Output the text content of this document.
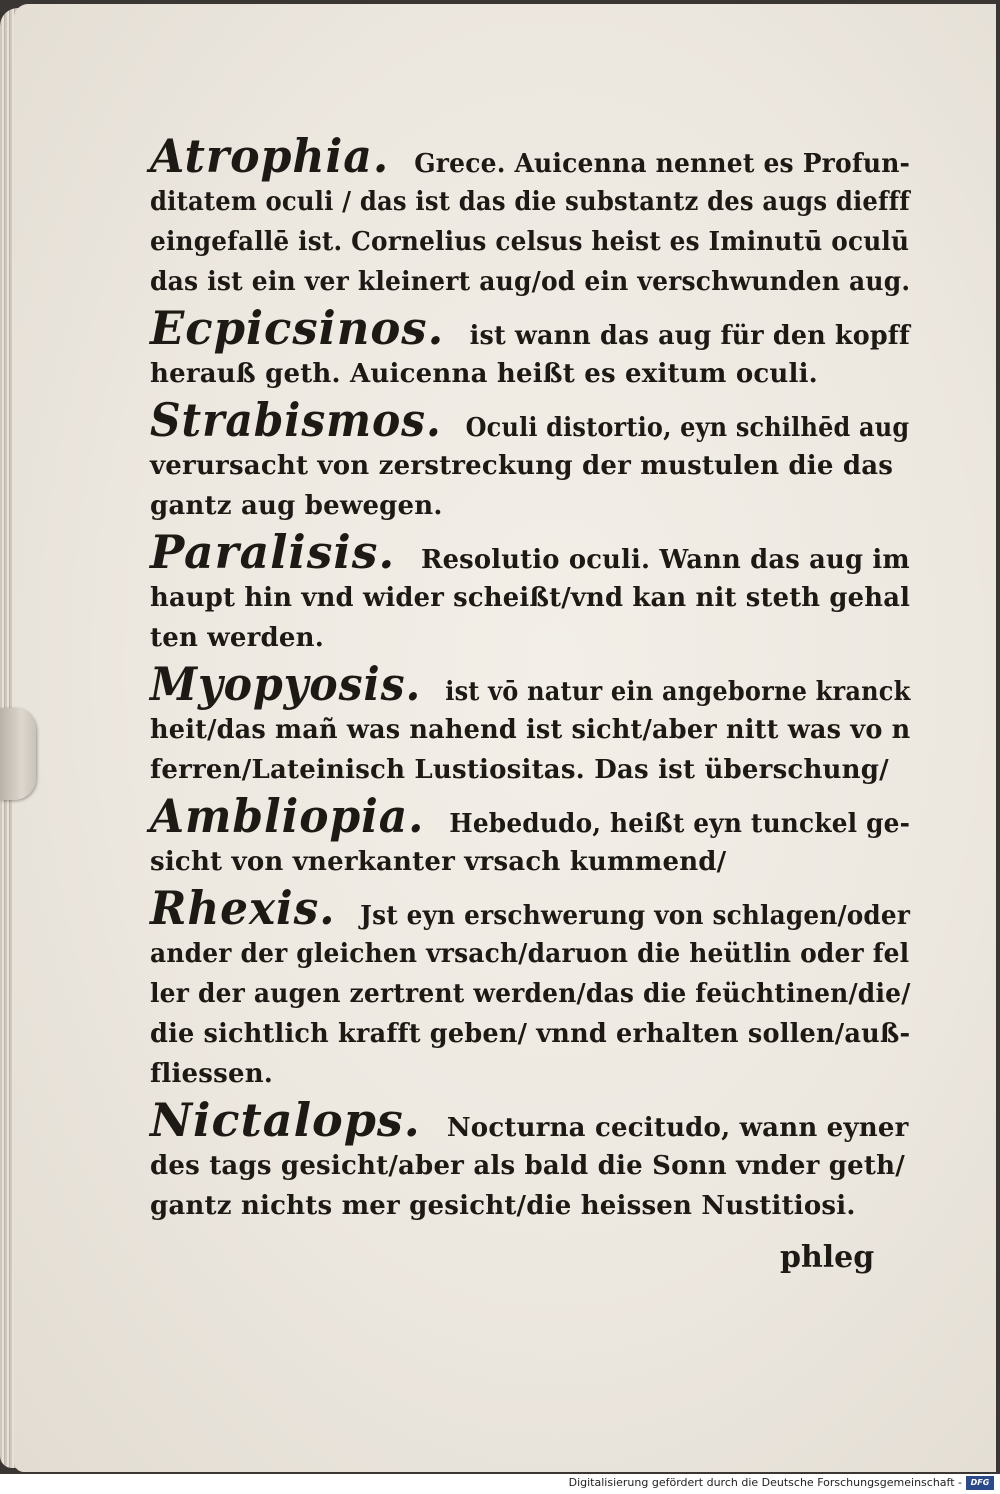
Atrophia. Grece. Auicenna nennet es Profun-
ditatem oculi / das ist das die substantz des augs diefff
eingefallē ist. Cornelius celsus heist es Iminutū oculū
das ist ein ver kleinert aug/od ein verschwunden aug.
Ecpicsinos. ist wann das aug für den kopff
herauß geth. Auicenna heißt es exitum oculi.
Strabismos. Oculi distortio, eyn schilhēd aug
verursacht von zerstreckung der mustulen die das
gantz aug bewegen.
Paralisis. Resolutio oculi. Wann das aug im
haupt hin vnd wider scheißt/vnd kan nit steth gehal
ten werden.
Myopyosis. ist vō natur ein angeborne kranck
heit/das mañ was nahend ist sicht/aber nitt was vo n
ferren/Lateinisch Lustiositas. Das ist überschung/
Ambliopia. Hebedudo, heißt eyn tunckel ge-
sicht von vnerkanter vrsach kummend/
Rhexis. Jst eyn erschwerung von schlagen/oder
ander der gleichen vrsach/daruon die heütlin oder fel
ler der augen zertrent werden/das die feüchtinen/die/
die sichtlich krafft geben/ vnnd erhalten sollen/auß-
fliessen.
Nictalops. Nocturna cecitudo, wann eyner
des tags gesicht/aber als bald die Sonn vnder geth/
gantz nichts mer gesicht/die heissen Nustitiosi.
phleg
Digitalisierung gefördert durch die Deutsche Forschungsgemeinschaft -	DFG
